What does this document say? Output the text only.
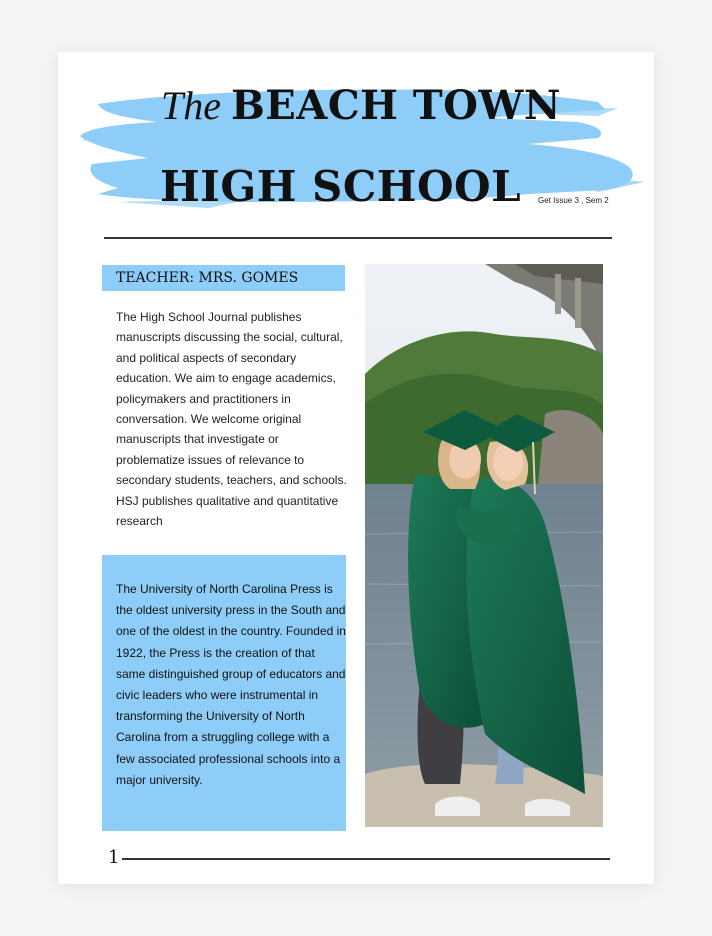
The BEACH TOWN
HIGH SCHOOL Get Issue 3 , Sem 2
TEACHER: MRS. GOMES
The High School Journal publishes manuscripts discussing the social, cultural, and political aspects of secondary education. We aim to engage academics, policymakers and practitioners in conversation. We welcome original manuscripts that investigate or problematize issues of relevance to secondary students, teachers, and schools. HSJ publishes qualitative and quantitative research
The University of North Carolina Press is the oldest university press in the South and one of the oldest in the country. Founded in 1922, the Press is the creation of that same distinguished group of educators and civic leaders who were instrumental in transforming the University of North Carolina from a struggling college with a few associated professional schools into a major university.
1
